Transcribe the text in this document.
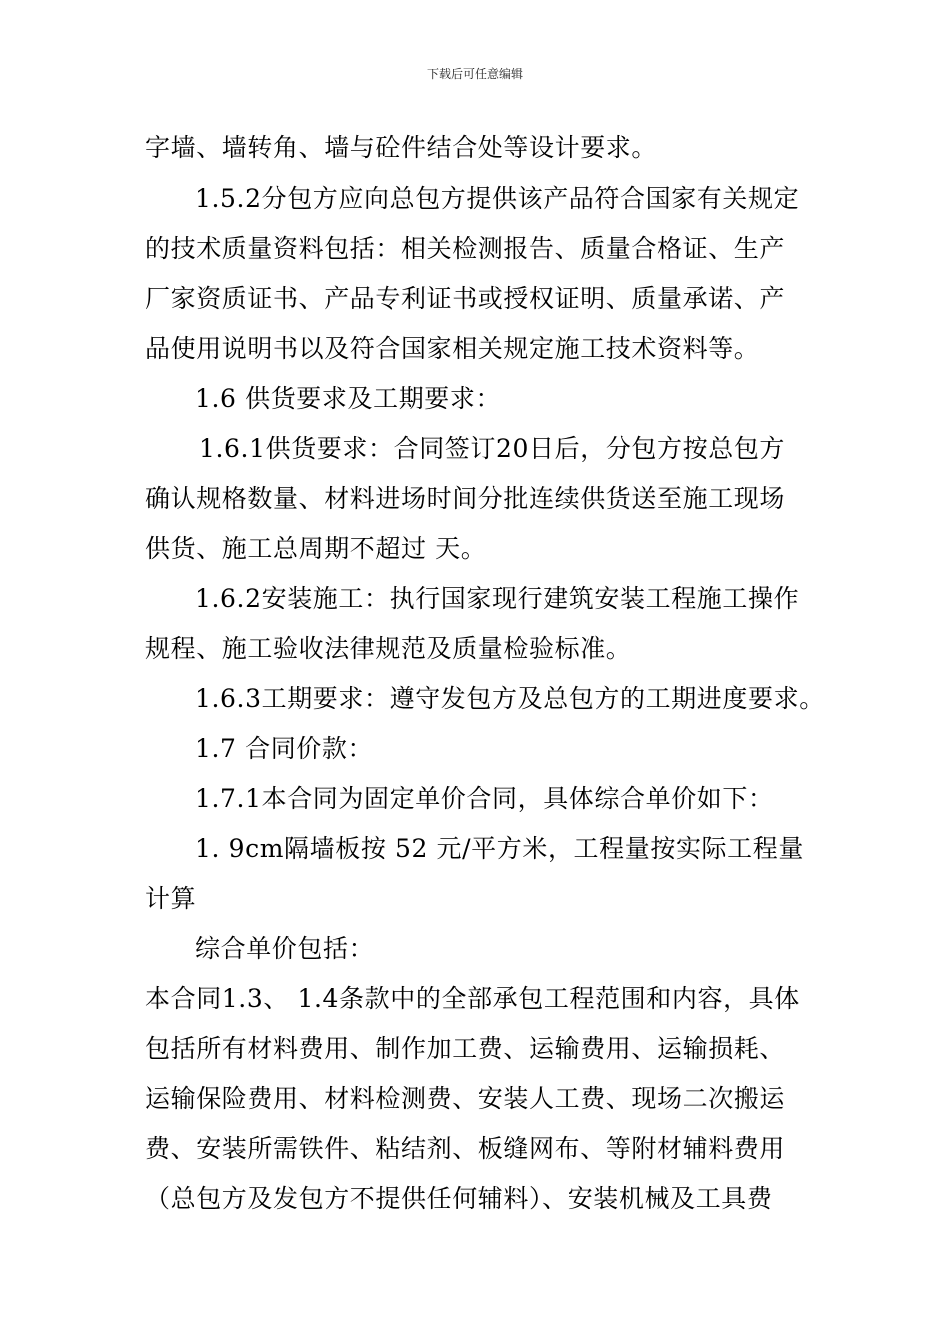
下载后可任意编辑
字墙、墙转角、墙与砼件结合处等设计要求。
1.5.2分包方应向总包方提供该产品符合国家有关规定
的技术质量资料包括：相关检测报告、质量合格证、生产
厂家资质证书、产品专利证书或授权证明、质量承诺、产
品使用说明书以及符合国家相关规定施工技术资料等。
1.6 供货要求及工期要求：
1.6.1供货要求：合同签订20日后，分包方按总包方
确认规格数量、材料进场时间分批连续供货送至施工现场
供货、施工总周期不超过 天。
1.6.2安装施工：执行国家现行建筑安装工程施工操作
规程、施工验收法律规范及质量检验标准。
1.6.3工期要求：遵守发包方及总包方的工期进度要求。
1.7 合同价款：
1.7.1本合同为固定单价合同，具体综合单价如下：
1. 9cm隔墙板按 52 元/平方米，工程量按实际工程量
计算
综合单价包括：
本合同1.3、 1.4条款中的全部承包工程范围和内容，具体
包括所有材料费用、制作加工费、运输费用、运输损耗、
运输保险费用、材料检测费、安装人工费、现场二次搬运
费、安装所需铁件、粘结剂、板缝网布、等附材辅料费用
（总包方及发包方不提供任何辅料）、安装机械及工具费
